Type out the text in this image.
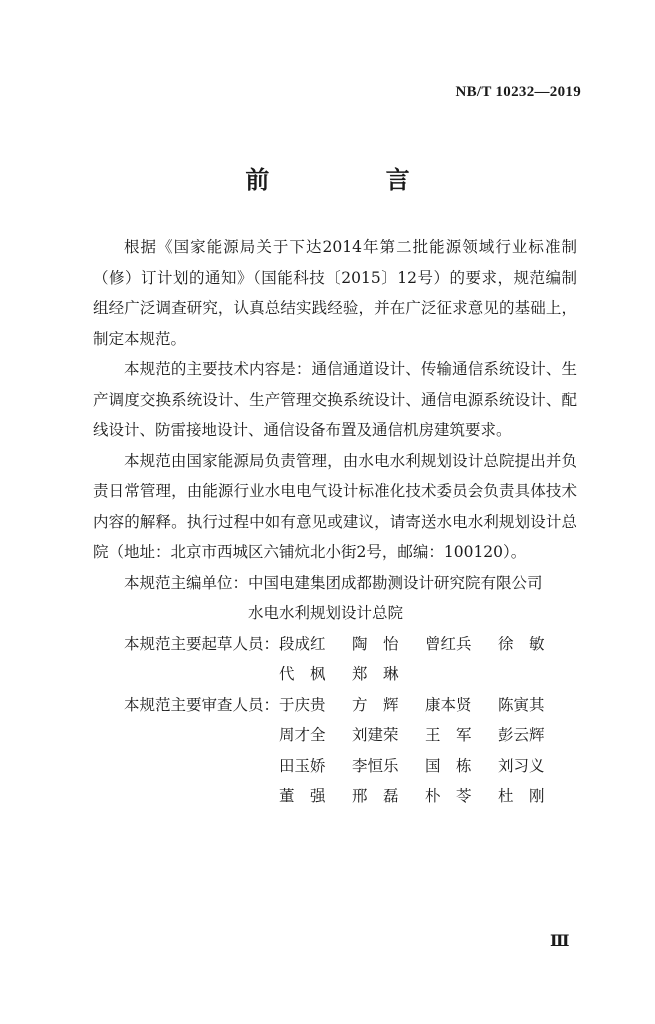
NB/T 10232—2019
前 言

根据《国家能源局关于下达2014年第二批能源领域行业标准制（修）订计划的通知》（国能科技〔2015〕12号）的要求，规范编制组经广泛调查研究，认真总结实践经验，并在广泛征求意见的基础上，制定本规范。

本规范的主要技术内容是：通信通道设计、传输通信系统设计、生产调度交换系统设计、生产管理交换系统设计、通信电源系统设计、配线设计、防雷接地设计、通信设备布置及通信机房建筑要求。

本规范由国家能源局负责管理，由水电水利规划设计总院提出并负责日常管理，由能源行业水电电气设计标准化技术委员会负责具体技术内容的解释。执行过程中如有意见或建议，请寄送水电水利规划设计总院（地址：北京市西城区六铺炕北小街2号，邮编：100120）。

本规范主编单位： 中国电建集团成都勘测设计研究院有限公司
水电水利规划设计总院
本规范主要起草人员： 段成红	陶　怡	曾红兵	徐　敏
代　枫	郑　琳
本规范主要审查人员： 于庆贵	方　辉	康本贤	陈寅其
周才全	刘建荣	王　军	彭云辉
田玉娇	李恒乐	国　栋	刘习义
董　强	邢　磊	朴　苓	杜　刚
Ⅲ
